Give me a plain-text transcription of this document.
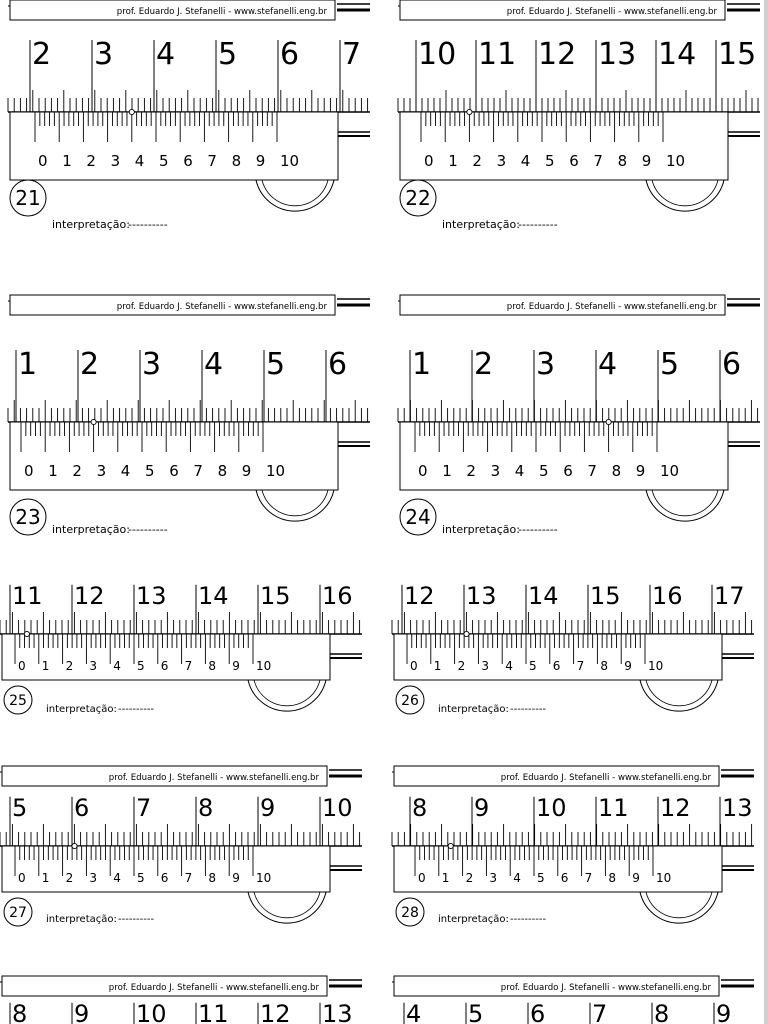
prof. Eduardo J. Stefanelli - www.stefanelli.eng.br
2 3 4 5 6 7
0 1 2 3 4 5 6 7 8 9 10
21
interpretação:
----------
prof. Eduardo J. Stefanelli - www.stefanelli.eng.br
10 11 12 13 14 15
0 1 2 3 4 5 6 7 8 9 10
22
interpretação:
----------
prof. Eduardo J. Stefanelli - www.stefanelli.eng.br
1 2 3 4 5 6
0 1 2 3 4 5 6 7 8 9 10
23
interpretação:
----------
prof. Eduardo J. Stefanelli - www.stefanelli.eng.br
1 2 3 4 5 6
0 1 2 3 4 5 6 7 8 9 10
24
interpretação:
----------
11 12 13 14 15 16
0 1 2 3 4 5 6 7 8 9 10
25
interpretação: ----------
12 13 14 15 16 17
0 1 2 3 4 5 6 7 8 9 10
26
interpretação: ----------
prof. Eduardo J. Stefanelli - www.stefanelli.eng.br
5 6 7 8 9 10
0 1 2 3 4 5 6 7 8 9 10
27 interpretação: ----------
prof. Eduardo J. Stefanelli - www.stefanelli.eng.br
8 9 10 11 12 13
0 1 2 3 4 5 6 7 8 9 10
28 interpretação: ----------
prof. Eduardo J. Stefanelli - www.stefanelli.eng.br
8 9 10 11 12 13
prof. Eduardo J. Stefanelli - www.stefanelli.eng.br
4 5 6 7 8 9
